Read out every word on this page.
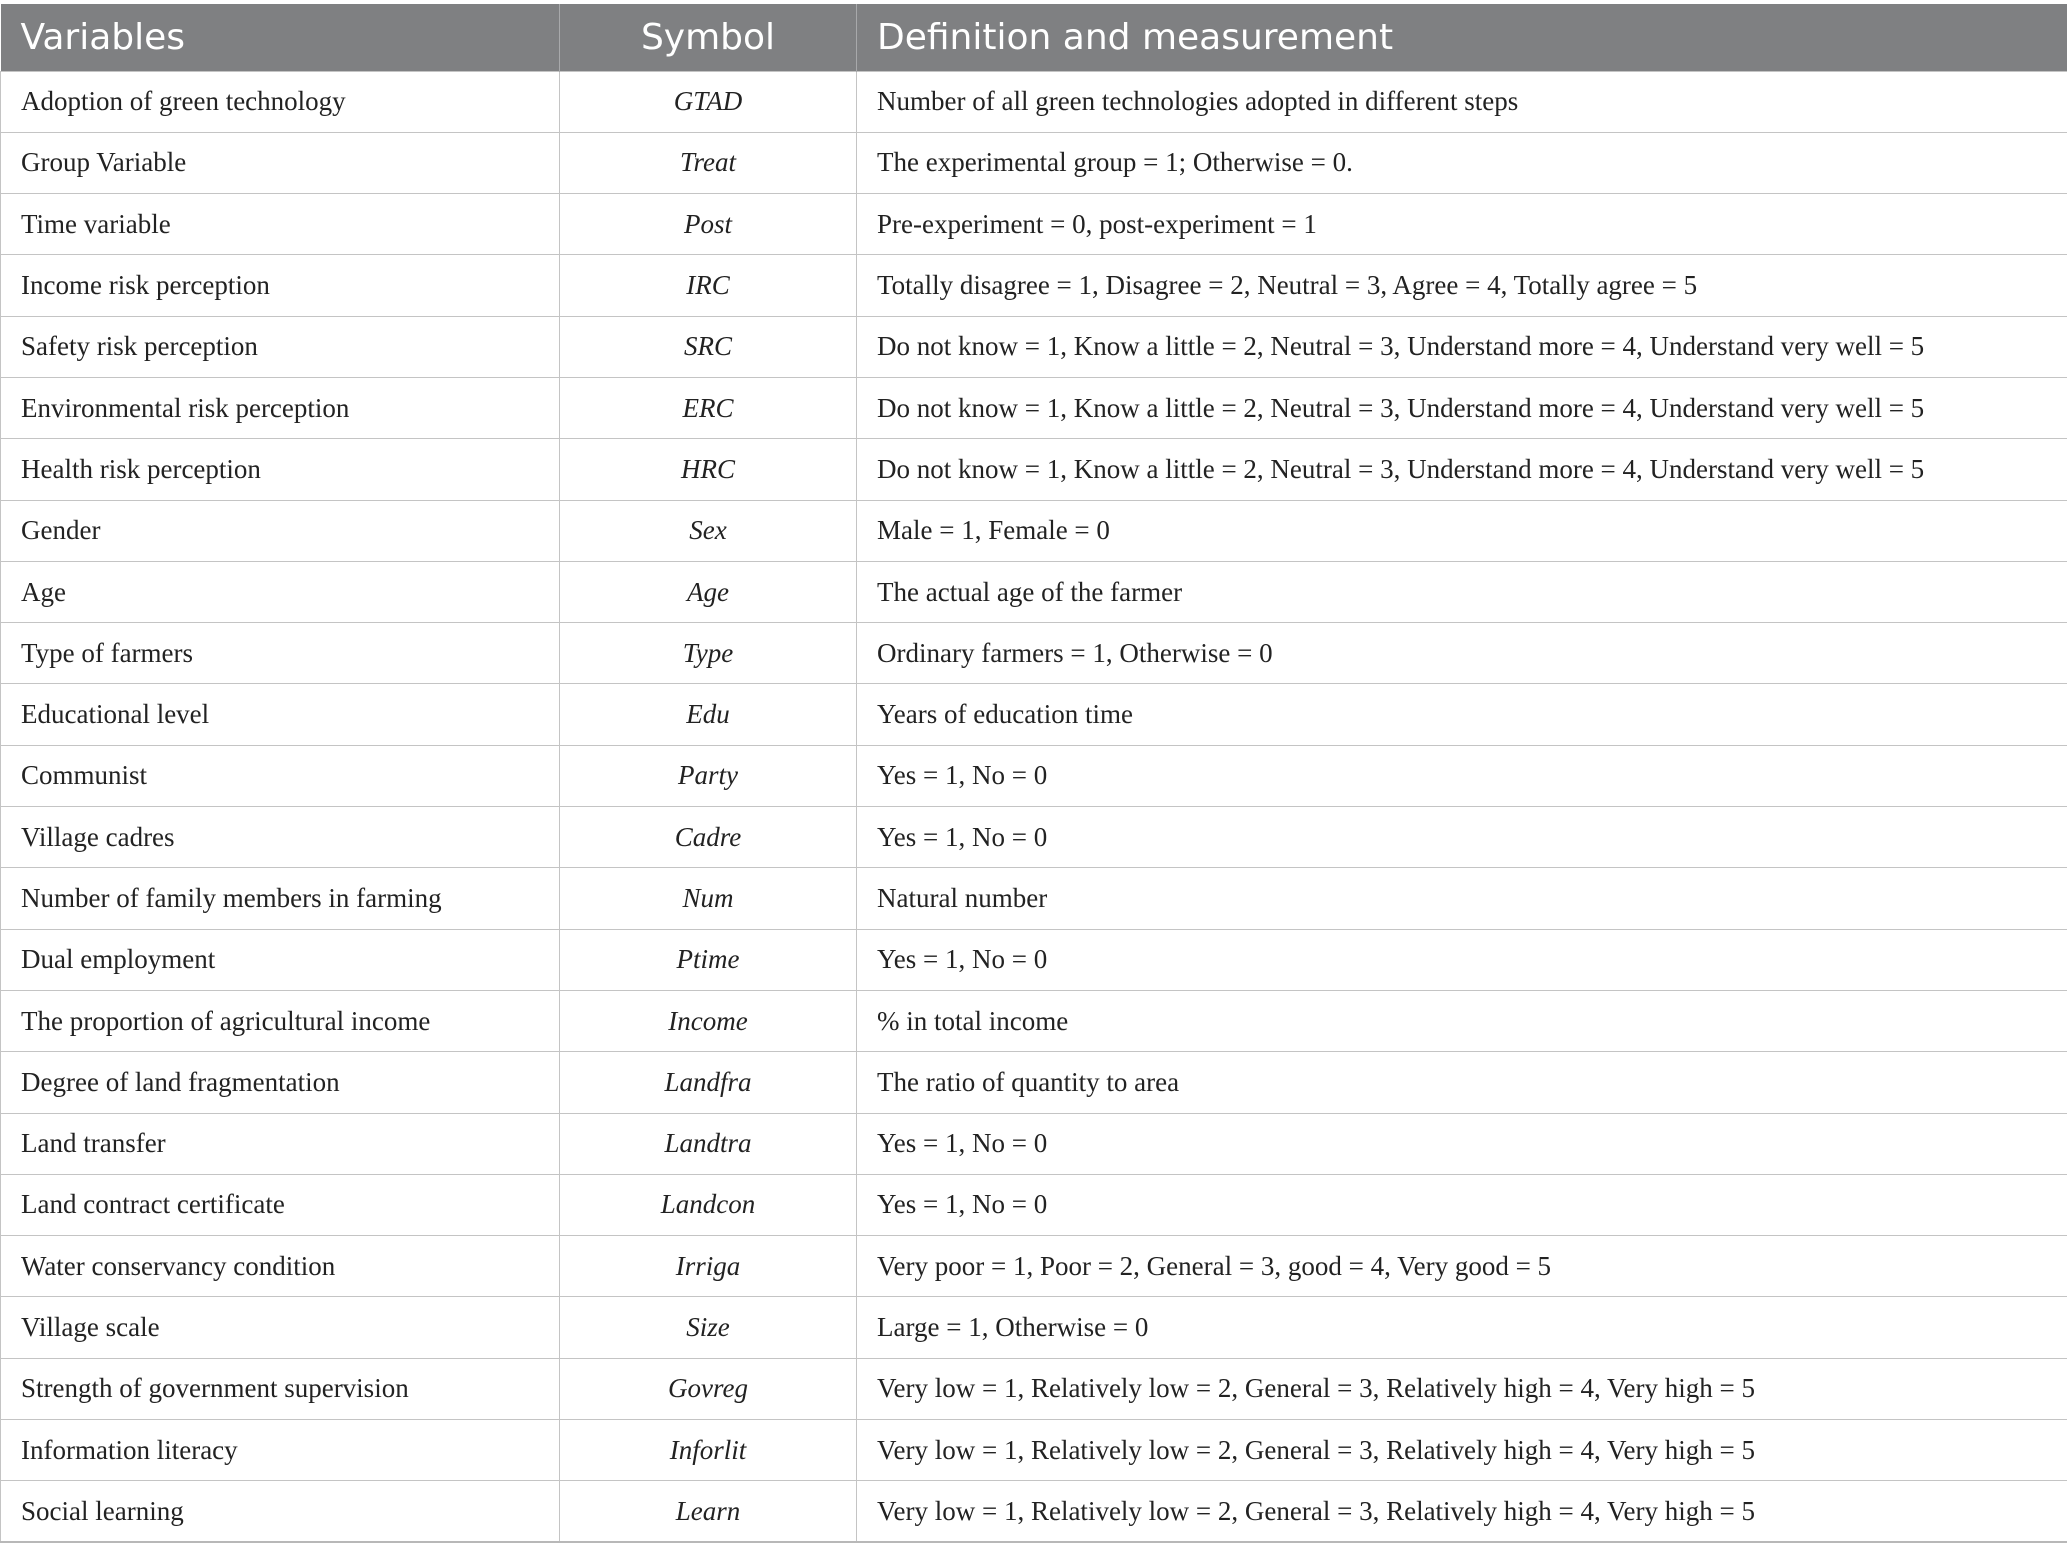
Variables	Symbol	Definition and measurement
Adoption of green technology	GTAD	Number of all green technologies adopted in different steps
Group Variable	Treat	The experimental group = 1; Otherwise = 0.
Time variable	Post	Pre-experiment = 0, post-experiment = 1
Income risk perception	IRC	Totally disagree = 1, Disagree = 2, Neutral = 3, Agree = 4, Totally agree = 5
Safety risk perception	SRC	Do not know = 1, Know a little = 2, Neutral = 3, Understand more = 4, Understand very well = 5
Environmental risk perception	ERC	Do not know = 1, Know a little = 2, Neutral = 3, Understand more = 4, Understand very well = 5
Health risk perception	HRC	Do not know = 1, Know a little = 2, Neutral = 3, Understand more = 4, Understand very well = 5
Gender	Sex	Male = 1, Female = 0
Age	Age	The actual age of the farmer
Type of farmers	Type	Ordinary farmers = 1, Otherwise = 0
Educational level	Edu	Years of education time
Communist	Party	Yes = 1, No = 0
Village cadres	Cadre	Yes = 1, No = 0
Number of family members in farming	Num	Natural number
Dual employment	Ptime	Yes = 1, No = 0
The proportion of agricultural income	Income	% in total income
Degree of land fragmentation	Landfra	The ratio of quantity to area
Land transfer	Landtra	Yes = 1, No = 0
Land contract certificate	Landcon	Yes = 1, No = 0
Water conservancy condition	Irriga	Very poor = 1, Poor = 2, General = 3, good = 4, Very good = 5
Village scale	Size	Large = 1, Otherwise = 0
Strength of government supervision	Govreg	Very low = 1, Relatively low = 2, General = 3, Relatively high = 4, Very high = 5
Information literacy	Inforlit	Very low = 1, Relatively low = 2, General = 3, Relatively high = 4, Very high = 5
Social learning	Learn	Very low = 1, Relatively low = 2, General = 3, Relatively high = 4, Very high = 5
